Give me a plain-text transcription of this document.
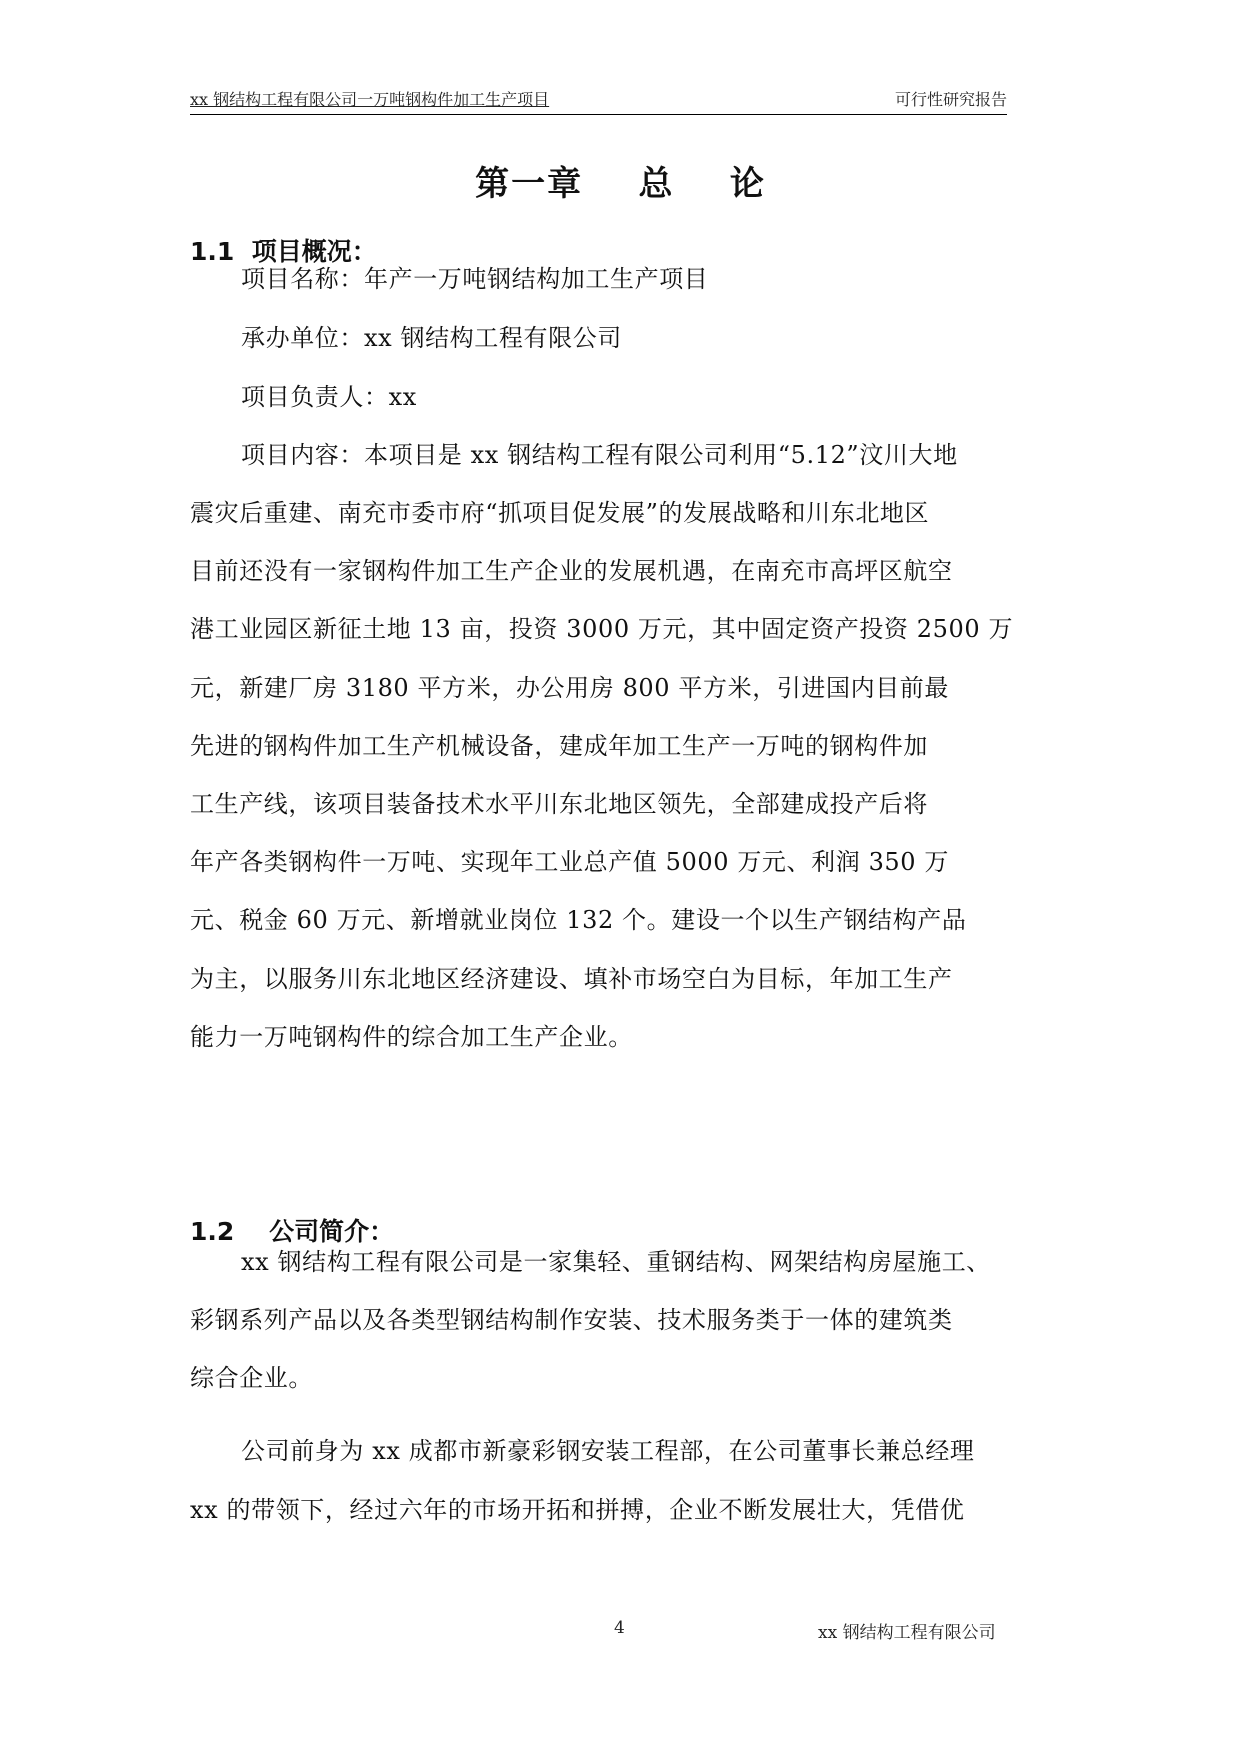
xx 钢结构工程有限公司一万吨钢构件加工生产项目	可行性研究报告
第一章    总    论
1.1  项目概况：
项目名称：年产一万吨钢结构加工生产项目
承办单位：xx 钢结构工程有限公司
项目负责人：xx
项目内容：本项目是 xx 钢结构工程有限公司利用“5.12”汶川大地
震灾后重建、南充市委市府“抓项目促发展”的发展战略和川东北地区
目前还没有一家钢构件加工生产企业的发展机遇，在南充市高坪区航空
港工业园区新征土地 13 亩，投资 3000 万元，其中固定资产投资 2500 万
元，新建厂房 3180 平方米，办公用房 800 平方米，引进国内目前最
先进的钢构件加工生产机械设备，建成年加工生产一万吨的钢构件加
工生产线，该项目装备技术水平川东北地区领先，全部建成投产后将
年产各类钢构件一万吨、实现年工业总产值 5000 万元、利润 350 万
元、税金 60 万元、新增就业岗位 132 个。建设一个以生产钢结构产品
为主，以服务川东北地区经济建设、填补市场空白为目标，年加工生产
能力一万吨钢构件的综合加工生产企业。
1.2    公司简介：
xx 钢结构工程有限公司是一家集轻、重钢结构、网架结构房屋施工、
彩钢系列产品以及各类型钢结构制作安装、技术服务类于一体的建筑类
综合企业。
公司前身为 xx 成都市新豪彩钢安装工程部，在公司董事长兼总经理
xx 的带领下，经过六年的市场开拓和拼搏，企业不断发展壮大，凭借优
4	xx 钢结构工程有限公司
